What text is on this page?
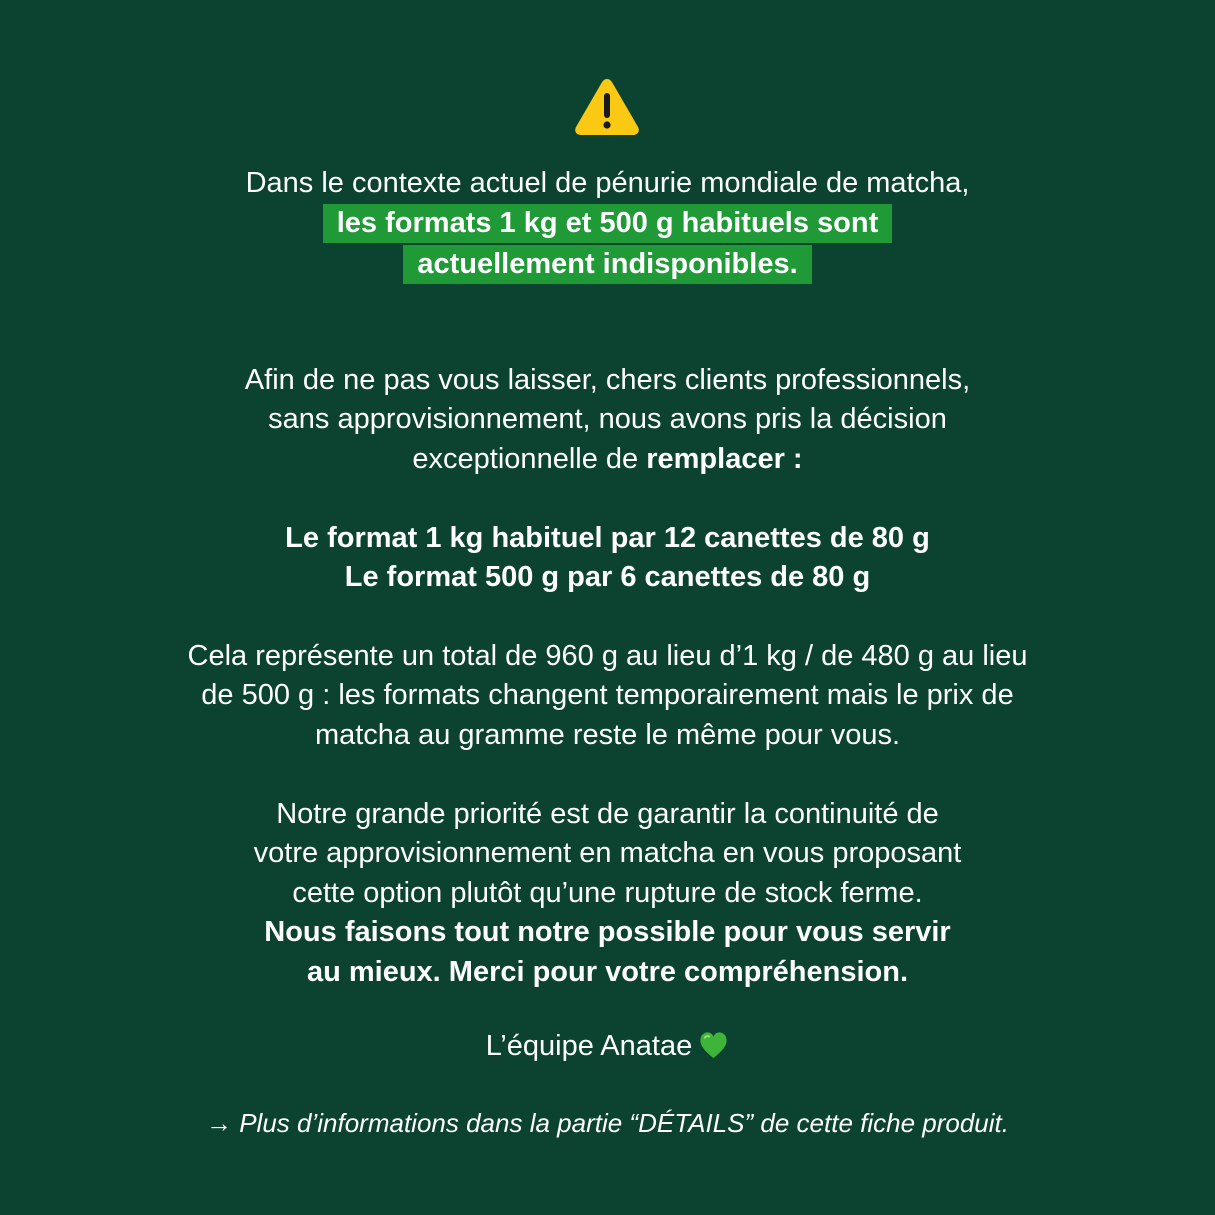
Dans le contexte actuel de pénurie mondiale de matcha,
les formats 1 kg et 500 g habituels sont
actuellement indisponibles.
Afin de ne pas vous laisser, chers clients professionnels,
sans approvisionnement, nous avons pris la décision
exceptionnelle de remplacer :
Le format 1 kg habituel par 12 canettes de 80 g
Le format 500 g par 6 canettes de 80 g
Cela représente un total de 960 g au lieu d’1 kg / de 480 g au lieu
de 500 g : les formats changent temporairement mais le prix de
matcha au gramme reste le même pour vous.
Notre grande priorité est de garantir la continuité de
votre approvisionnement en matcha en vous proposant
cette option plutôt qu’une rupture de stock ferme.
Nous faisons tout notre possible pour vous servir
au mieux. Merci pour votre compréhension.
L’équipe Anatae
→ Plus d’informations dans la partie “DÉTAILS” de cette fiche produit.
